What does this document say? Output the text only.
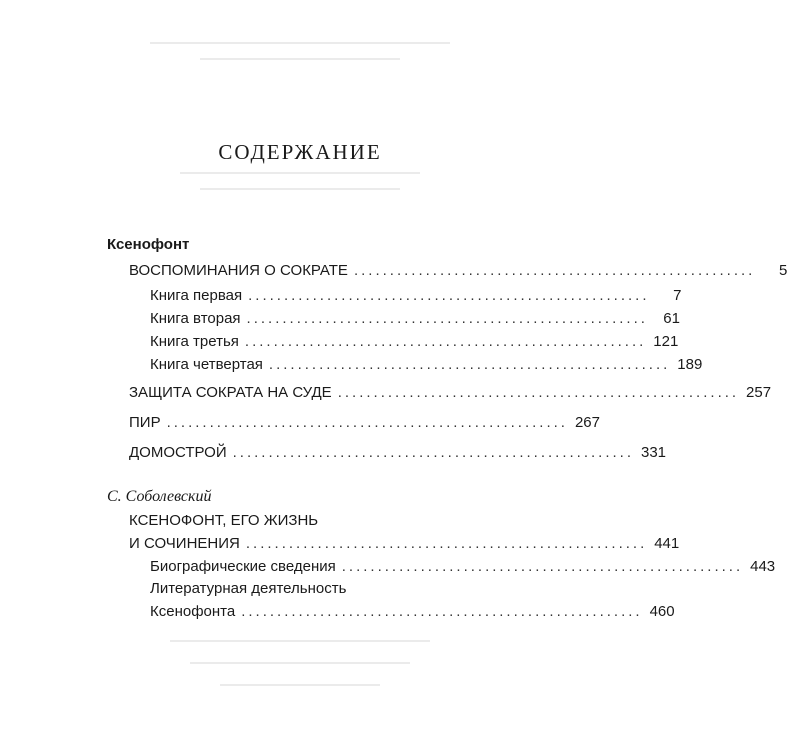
СОДЕРЖАНИЕ
Ксенофонт
ВОСПОМИНАНИЯ О СОКРАТЕ ........................................................	5
Книга первая ........................................................	7
Книга вторая ........................................................	61
Книга третья ........................................................ 121
Книга четвертая ........................................................ 189
ЗАЩИТА СОКРАТА НА СУДЕ ........................................................ 257
ПИР ........................................................ 267
ДОМОСТРОЙ ........................................................ 331
С. Соболевский
КСЕНОФОНТ, ЕГО ЖИЗНЬ
И СОЧИНЕНИЯ ........................................................ 441
Биографические сведения ........................................................ 443
Литературная деятельность
Ксенофонта ........................................................ 460
